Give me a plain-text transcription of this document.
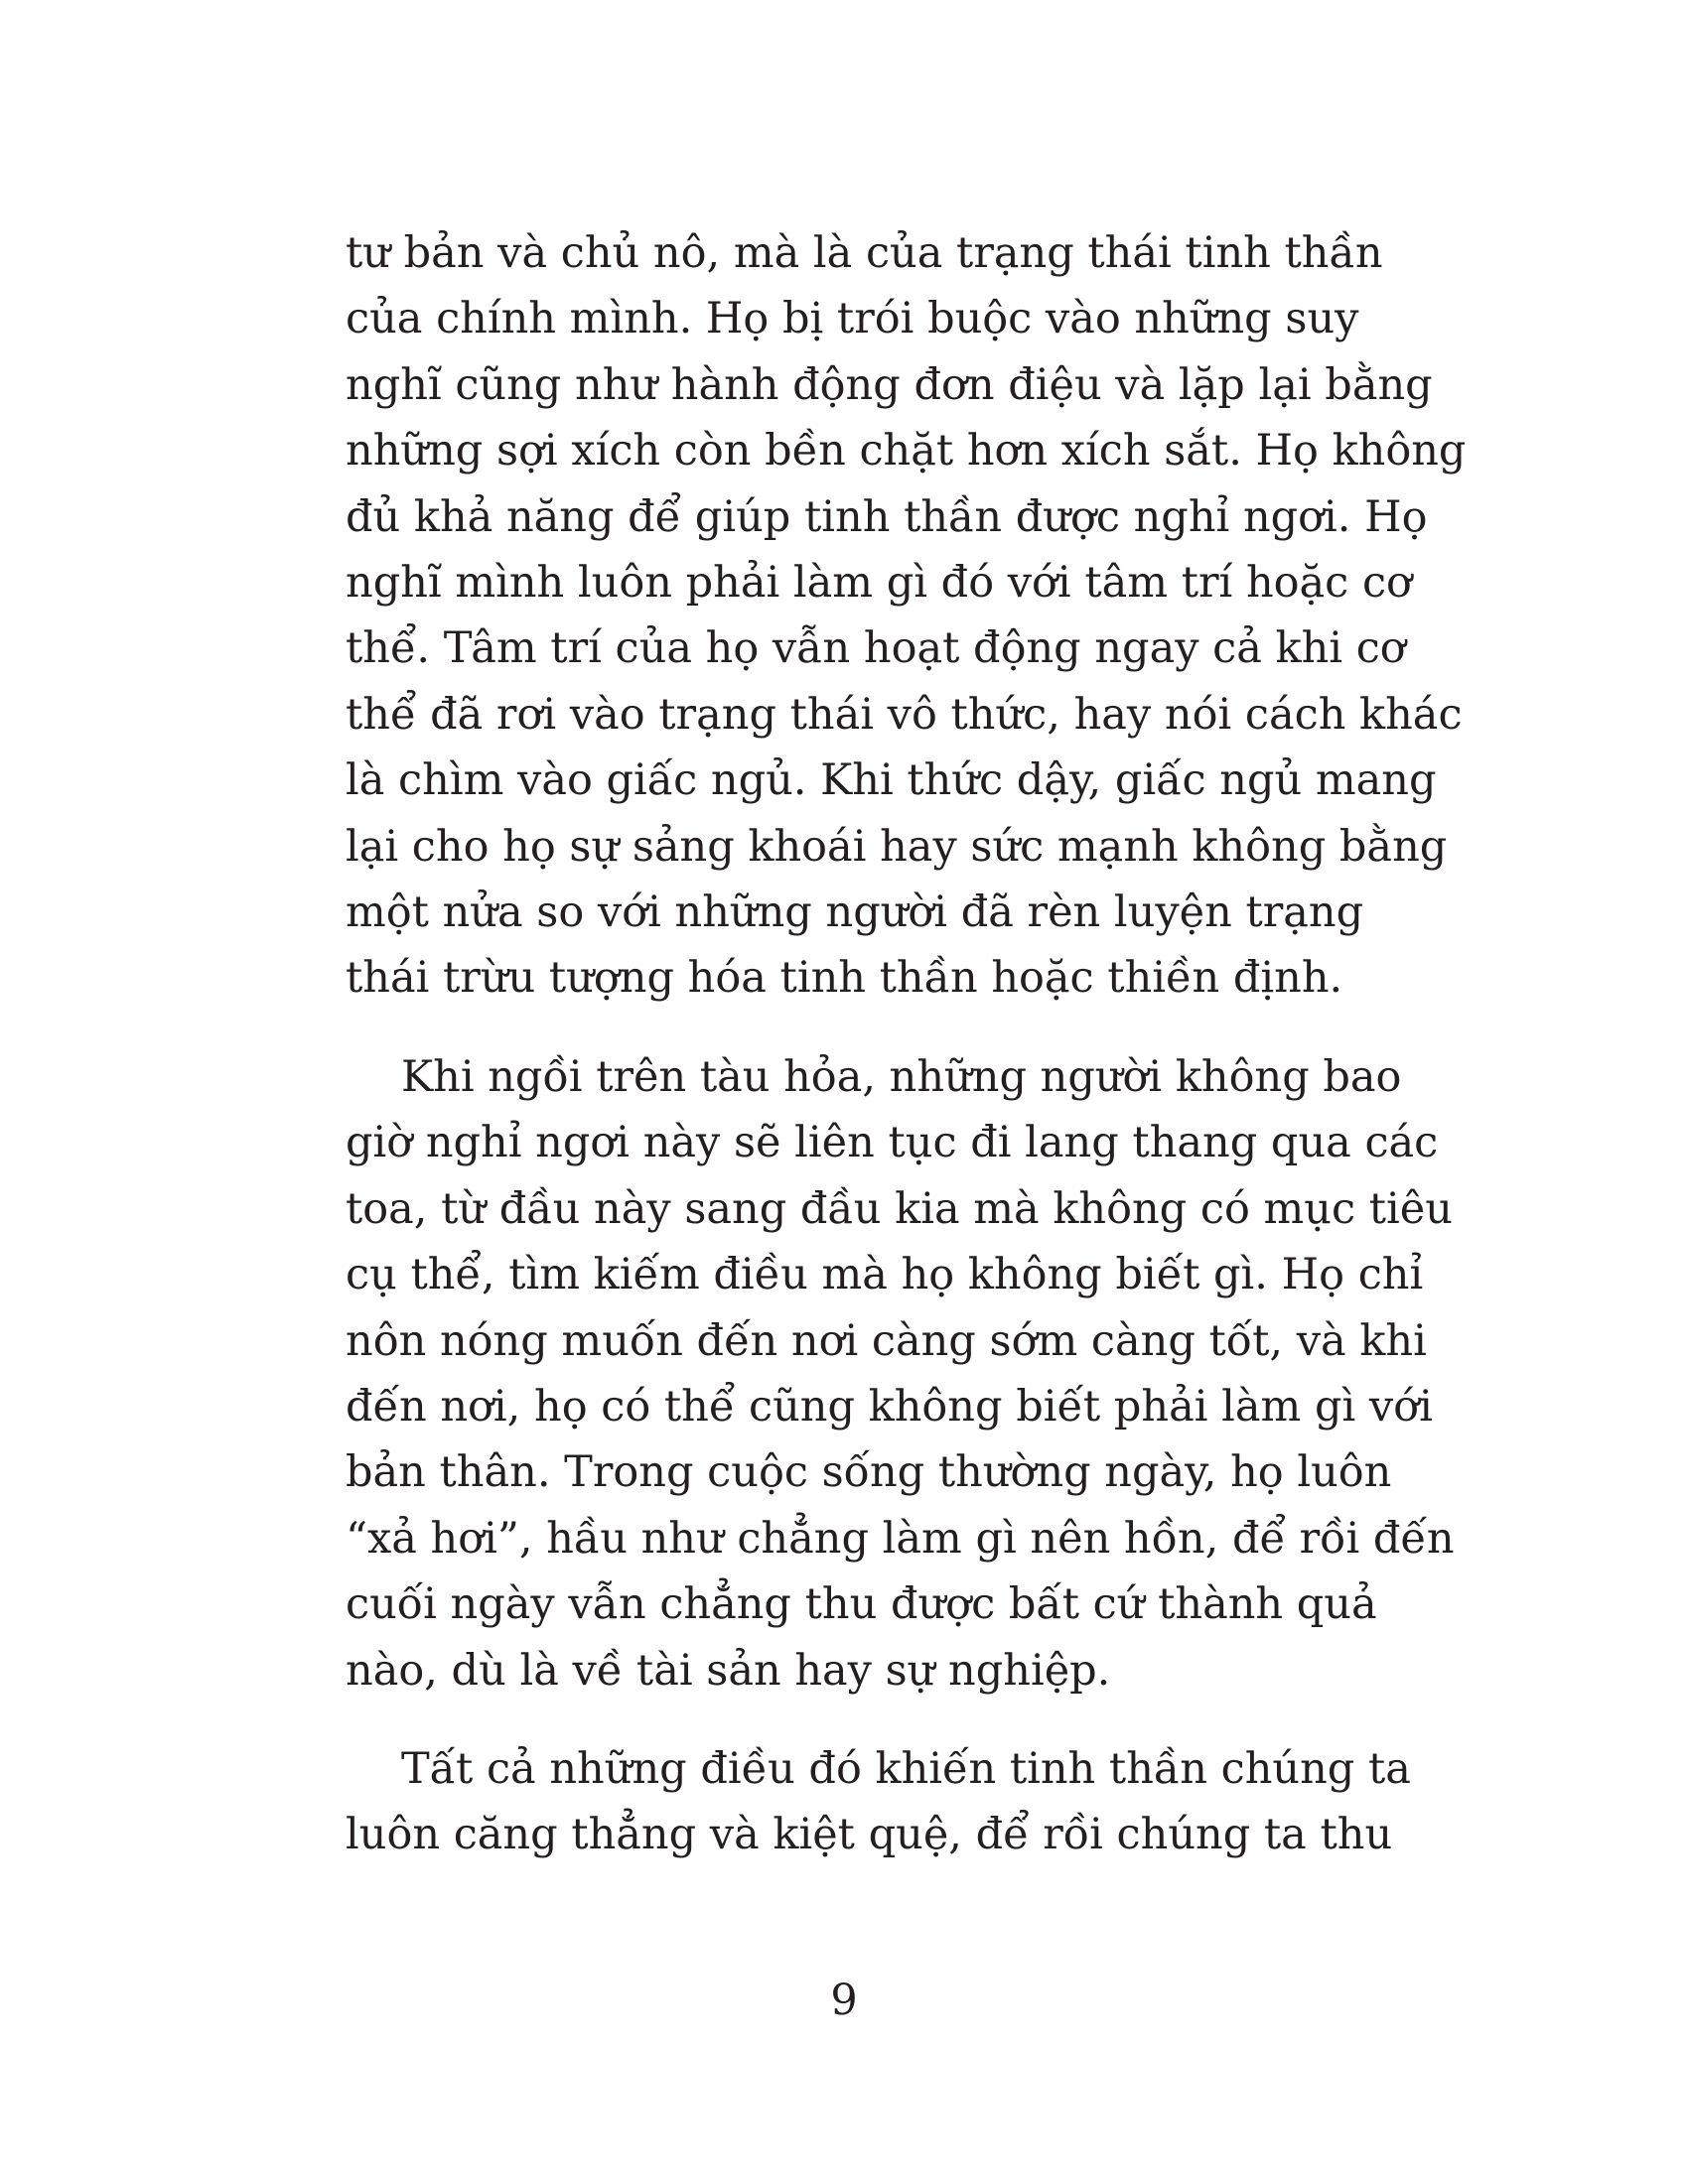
tư bản và chủ nô, mà là của trạng thái tinh thần
của chính mình. Họ bị trói buộc vào những suy
nghĩ cũng như hành động đơn điệu và lặp lại bằng
những sợi xích còn bền chặt hơn xích sắt. Họ không
đủ khả năng để giúp tinh thần được nghỉ ngơi. Họ
nghĩ mình luôn phải làm gì đó với tâm trí hoặc cơ
thể. Tâm trí của họ vẫn hoạt động ngay cả khi cơ
thể đã rơi vào trạng thái vô thức, hay nói cách khác
là chìm vào giấc ngủ. Khi thức dậy, giấc ngủ mang
lại cho họ sự sảng khoái hay sức mạnh không bằng
một nửa so với những người đã rèn luyện trạng
thái trừu tượng hóa tinh thần hoặc thiền định.

Khi ngồi trên tàu hỏa, những người không bao
giờ nghỉ ngơi này sẽ liên tục đi lang thang qua các
toa, từ đầu này sang đầu kia mà không có mục tiêu
cụ thể, tìm kiếm điều mà họ không biết gì. Họ chỉ
nôn nóng muốn đến nơi càng sớm càng tốt, và khi
đến nơi, họ có thể cũng không biết phải làm gì với
bản thân. Trong cuộc sống thường ngày, họ luôn
“xả hơi”, hầu như chẳng làm gì nên hồn, để rồi đến
cuối ngày vẫn chẳng thu được bất cứ thành quả
nào, dù là về tài sản hay sự nghiệp.

Tất cả những điều đó khiến tinh thần chúng ta
luôn căng thẳng và kiệt quệ, để rồi chúng ta thu

9
